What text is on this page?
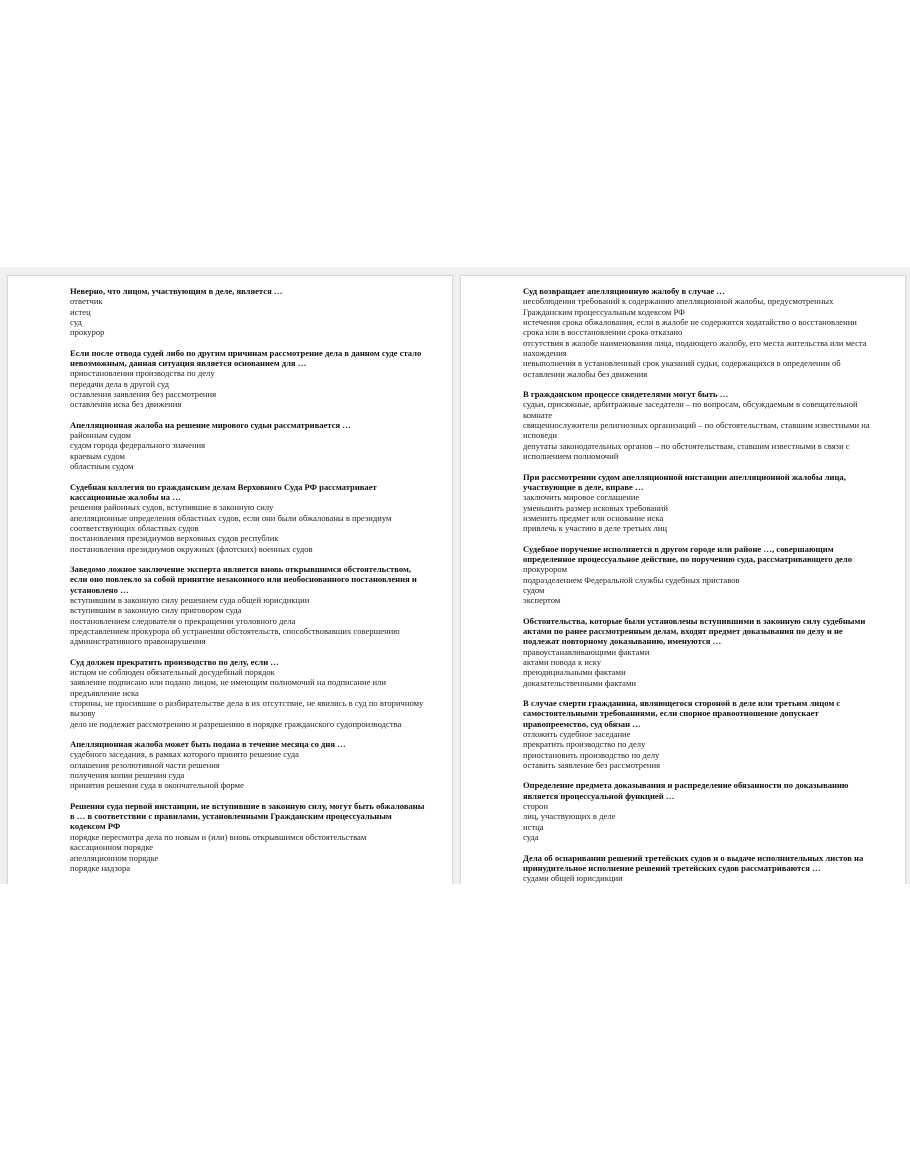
Неверно, что лицом, участвующим в деле, является …
ответчик
истец
суд
прокурор
Если после отвода судей либо по другим причинам рассмотрение дела в данном суде стало невозможным, данная ситуация является основанием для …
приостановления производства по делу
передачи дела в другой суд
оставления заявления без рассмотрения
оставления иска без движения
Апелляционная жалоба на решение мирового судьи рассматривается …
районным судом
судом города федерального значения
краевым судом
областным судом
Судебная коллегия по гражданским делам Верховного Суда РФ рассматривает кассационные жалобы на …
решения районных судов, вступившие в законную силу
апелляционные определения областных судов, если они были обжалованы в президиум соответствующих областных судов
постановления президиумов верховных судов республик
постановления президиумов окружных (флотских) военных судов
Заведомо ложное заключение эксперта является вновь открывшимся обстоятельством, если оно повлекло за собой принятие незаконного или необоснованного постановления и установлено …
вступившим в законную силу решением суда общей юрисдикции
вступившим в законную силу приговором суда
постановлением следователя о прекращении уголовного дела
представлением прокурора об устранении обстоятельств, способствовавших совершению административного правонарушения
Суд должен прекратить производство по делу, если …
истцом не соблюден обязательный досудебный порядок
заявление подписано или подано лицом, не имеющим полномочий на подписание или предъявление иска
стороны, не просившие о разбирательстве дела в их отсутствие, не явились в суд по вторичному вызову
дело не подлежит рассмотрению и разрешению в порядке гражданского судопроизводства
Апелляционная жалоба может быть подана в течение месяца со дня …
судебного заседания, в рамках которого принято решение суда
оглашения резолютивной части решения
получения копии решения суда
принятия решения суда в окончательной форме
Решения суда первой инстанции, не вступившие в законную силу, могут быть обжалованы в … в соответствии с правилами, установленными Гражданским процессуальным кодексом РФ
порядке пересмотра дела по новым и (или) вновь открывшимся обстоятельствам
кассационном порядке
апелляционном порядке
порядке надзора
Суд возвращает апелляционную жалобу в случае …
несоблюдения требований к содержанию апелляционной жалобы, предусмотренных Гражданским процессуальным кодексом РФ
истечения срока обжалования, если в жалобе не содержится ходатайство о восстановлении срока или в восстановлении срока отказано
отсутствия в жалобе наименования лица, подающего жалобу, его места жительства или места нахождения
невыполнения в установленный срок указаний судьи, содержащихся в определении об оставлении жалобы без движения
В гражданском процессе свидетелями могут быть …
судьи, присяжные, арбитражные заседатели – по вопросам, обсуждаемым в совещательной комнате
священнослужители религиозных организаций – по обстоятельствам, ставшим известными на исповеди
депутаты законодательных органов – по обстоятельствам, ставшим известными в связи с исполнением полномочий
При рассмотрении судом апелляционной инстанции апелляционной жалобы лица, участвующие в деле, вправе …
заключить мировое соглашение
уменьшить размер исковых требований
изменить предмет или основание иска
привлечь к участию в деле третьих лиц
Судебное поручение исполняется в другом городе или районе …, совершающим определенное процессуальное действие, по поручению суда, рассматривающего дело
прокурором
подразделением Федеральной службы судебных приставов
судом
экспертом
Обстоятельства, которые были установлены вступившими в законную силу судебными актами по ранее рассмотренным делам, входят предмет доказывания по делу и не подлежат повторному доказыванию, именуются …
правоустанавливающими фактами
актами повода к иску
преюдициальными фактами
доказательственными фактами
В случае смерти гражданина, являющегося стороной в деле или третьим лицом с самостоятельными требованиями, если спорное правоотношение допускает правопреемство, суд обязан …
отложить судебное заседание
прекратить производство по делу
приостановить производство по делу
оставить заявление без рассмотрения
Определение предмета доказывания и распределение обязанности по доказыванию является процессуальной функцией …
сторон
лиц, участвующих в деле
истца
суда
Дела об оспаривании решений третейских судов и о выдаче исполнительных листов на принудительное исполнение решений третейских судов рассматриваются …
судами общей юрисдикции
